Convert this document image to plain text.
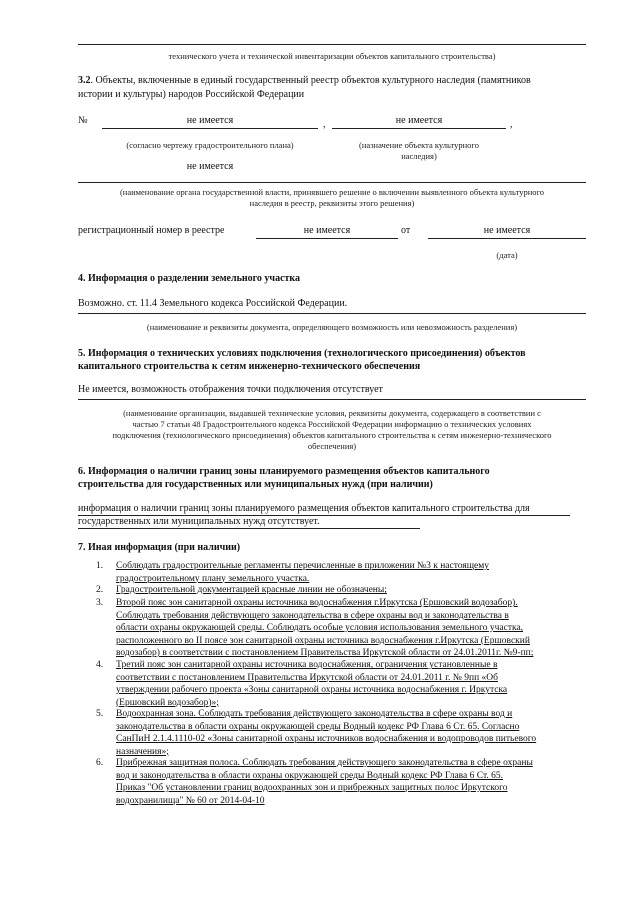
технического учета и технической инвентаризации объектов капитального строительства)
3.2. Объекты, включенные в единый государственный реестр объектов культурного наследия (памятников
истории и культуры) народов Российской Федерации
№	не имеется	,	не имеется	,
(согласно чертежу градостроительного плана)	(назначение объекта культурного
наследия)
не имеется
(наименование органа государственной власти, принявшего решение о включении выявленного объекта культурного
наследия в реестр, реквизиты этого решения)
регистрационный номер в реестре	не имеется	от	не имеется
(дата)
4. Информация о разделении земельного участка
Возможно. ст. 11.4 Земельного кодекса Российской Федерации.
(наименование и реквизиты документа, определяющего возможность или невозможность разделения)
5. Информация о технических условиях подключения (технологического присоединения) объектов
капитального строительства к сетям инженерно-технического обеспечения
Не имеется, возможность отображения точки подключения отсутствует
(наименование организации, выдавшей технические условия, реквизиты документа, содержащего в соответствии с
частью 7 статьи 48 Градостроительного кодекса Российской Федерации информацию о технических условиях
подключения (технологического присоединения) объектов капитального строительства к сетям инженерно-технического
обеспечения)
6. Информация о наличии границ зоны планируемого размещения объектов капитального
строительства для государственных или муниципальных нужд (при наличии)
информация о наличии границ зоны планируемого размещения объектов капитального строительства для
государственных или муниципальных нужд отсутствует.
7. Иная информация (при наличии)
1.	Соблюдать градостроительные регламенты перечисленные в приложении №3 к настоящему
градостроительному плану земельного участка.
2.	Градостроительной документацией красные линии не обозначены;
3.	Второй пояс зон санитарной охраны источника водоснабжения г.Иркутска (Ершовский водозабор).
Соблюдать требования действующего законодательства в сфере охраны вод и законодательства в
области охраны окружающей среды. Соблюдать особые условия использования земельного участка,
расположенного во II поясе зон санитарной охраны источника водоснабжения г.Иркутска (Ершовский
водозабор) в соответствии с постановлением Правительства Иркутской области от 24.01.2011г. №9-пп;
4.	Третий пояс зон санитарной охраны источника водоснабжения, ограничения установленные в
соответствии с постановлением Правительства Иркутской области от 24.01.2011 г. № 9пп «Об
утверждении рабочего проекта «Зоны санитарной охраны источника водоснабжения г. Иркутска
(Ершовский водозабор)»;
5.	Водоохранная зона. Соблюдать требования действующего законодательства в сфере охраны вод и
законодательства в области охраны окружающей среды Водный кодекс РФ Глава 6 Ст. 65. Согласно
СанПиН 2.1.4.1110-02 «Зоны санитарной охраны источников водоснабжения и водопроводов питьевого
назначения»;
6.	Прибрежная защитная полоса. Соблюдать требования действующего законодательства в сфере охраны
вод и законодательства в области охраны окружающей среды Водный кодекс РФ Глава 6 Ст. 65.
Приказ "Об установлении границ водоохранных зон и прибрежных защитных полос Иркутского
водохранилища" № 60 от 2014-04-10
